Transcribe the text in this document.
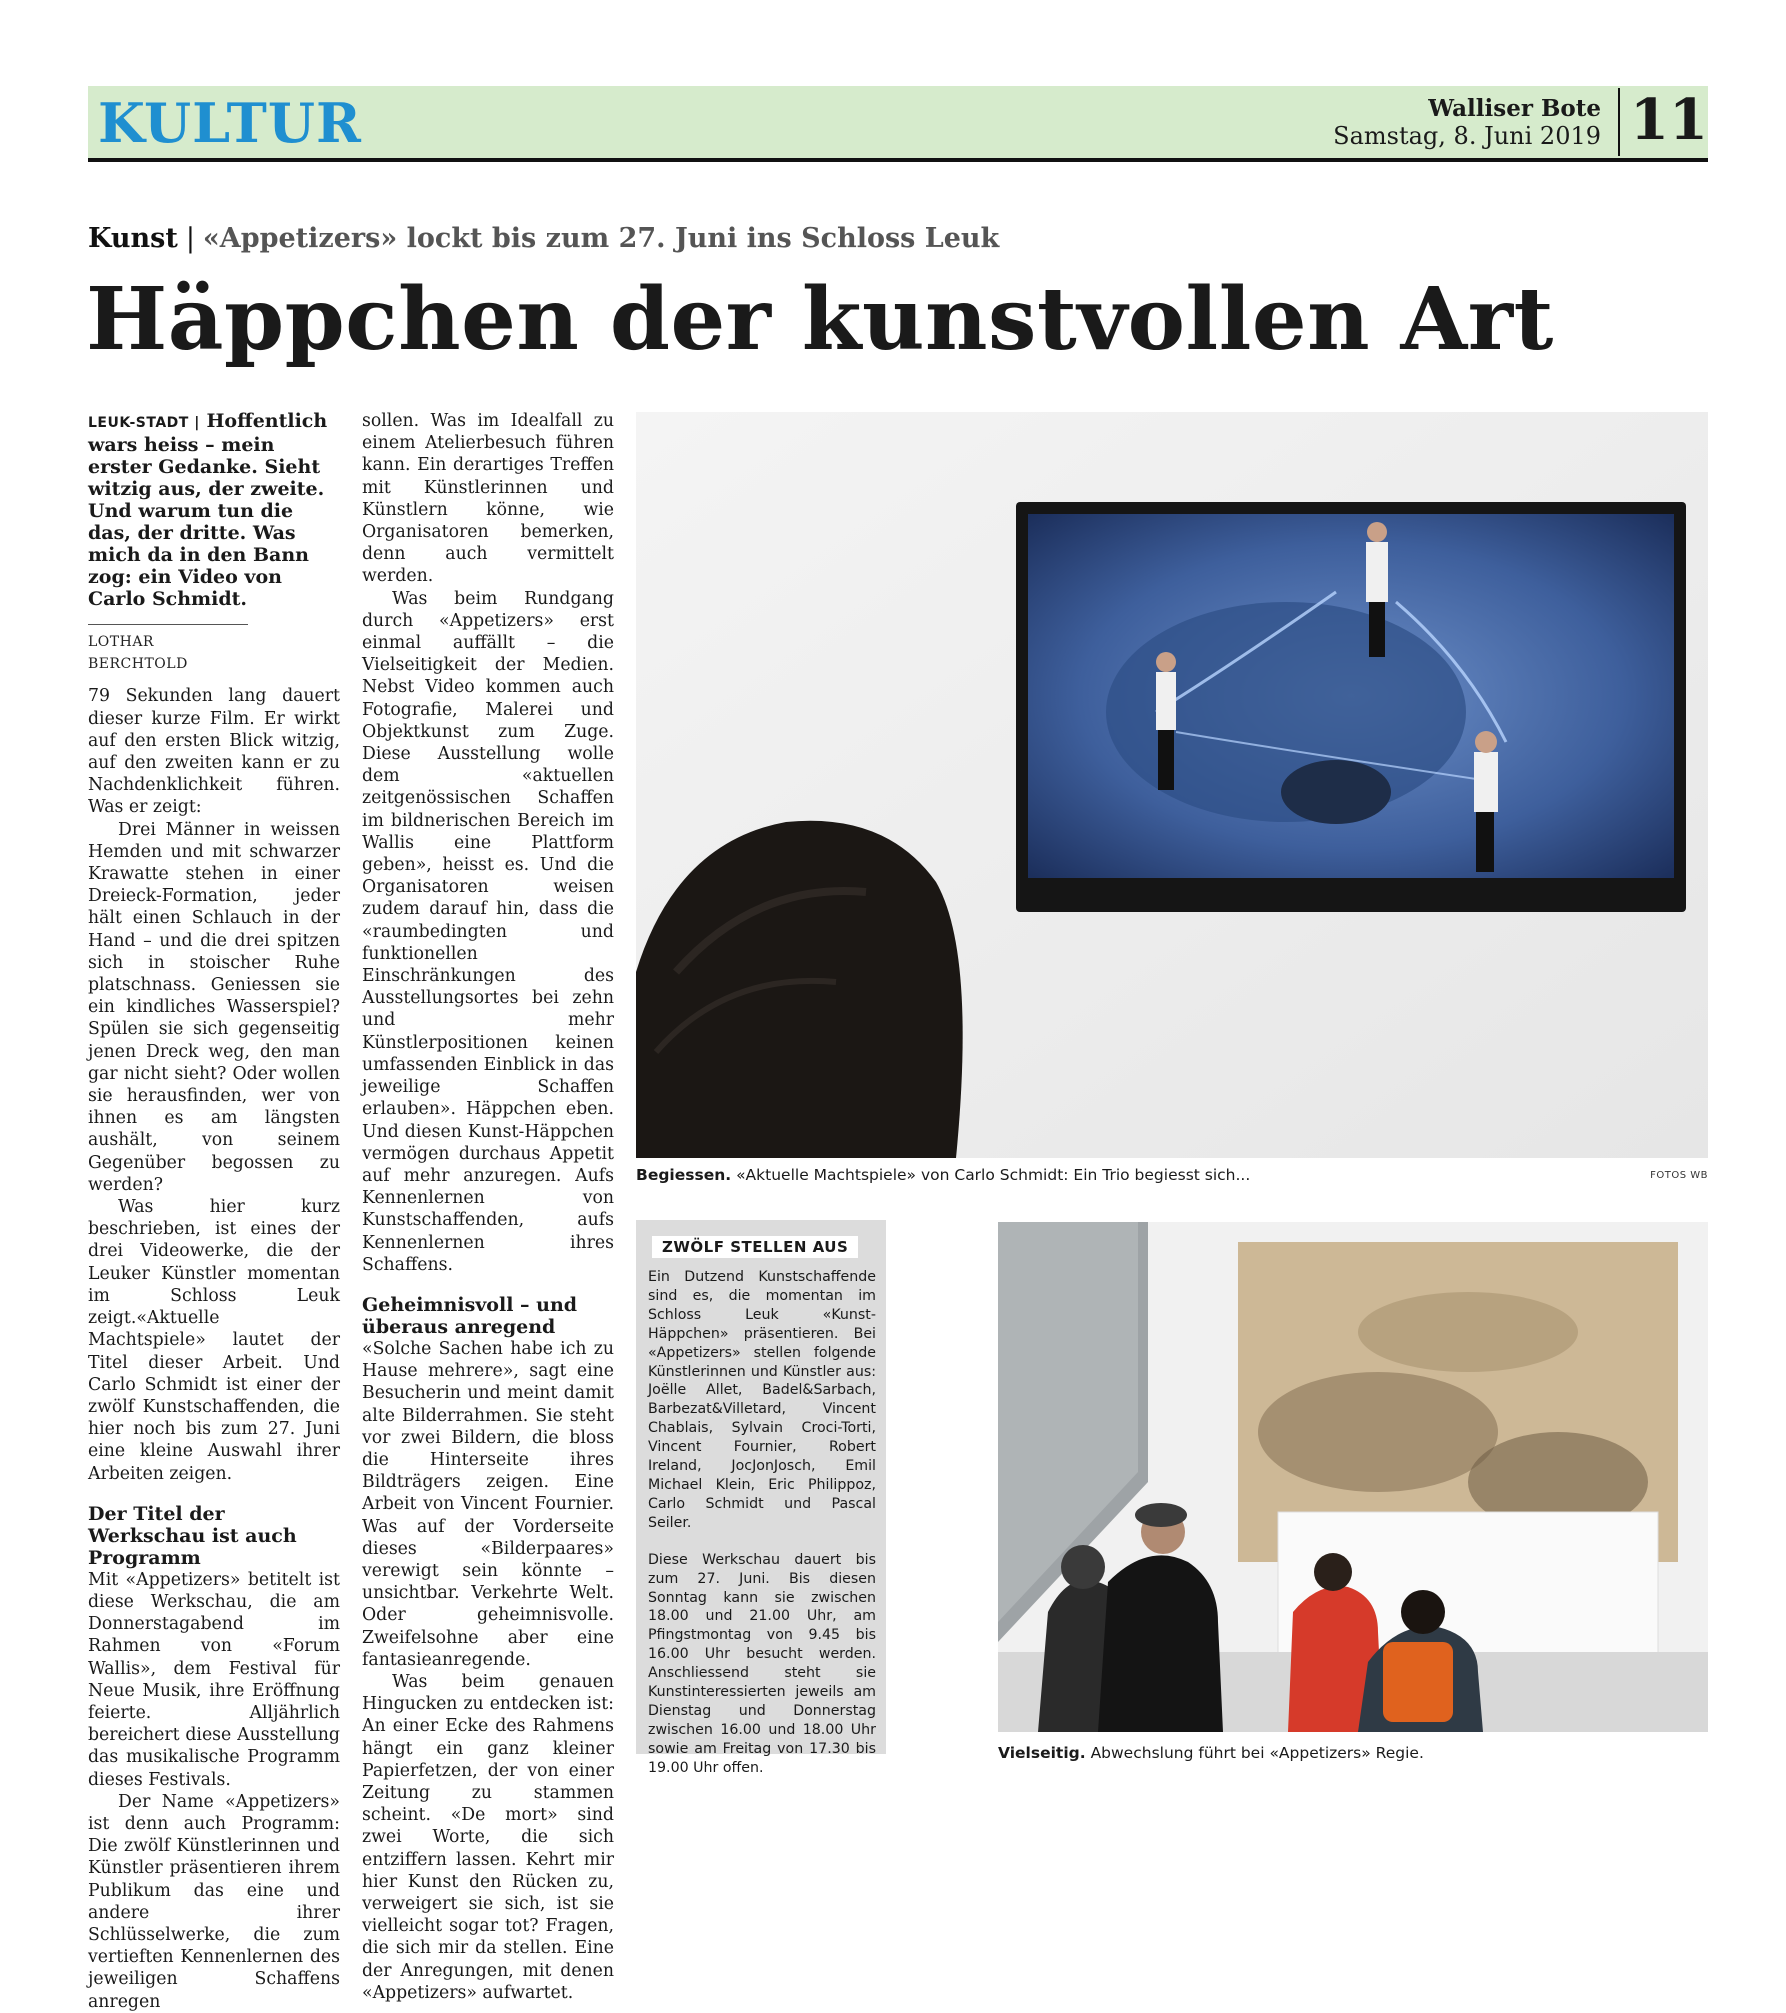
KULTUR	Walliser Bote
Samstag, 8. Juni 2019 11
Kunst | «Appetizers» lockt bis zum 27. Juni ins Schloss Leuk
Häppchen der kunstvollen Art

LEUK-STADT | Hoffentlich wars heiss – mein erster Gedanke. Sieht witzig aus, der zweite. Und warum tun die das, der dritte. Was mich da in den Bann zog: ein Video von Carlo Schmidt.

LOTHAR BERCHTOLD

79 Sekunden lang dauert dieser kurze Film. Er wirkt auf den ersten Blick witzig, auf den zweiten kann er zu Nachdenklichkeit führen. Was er zeigt:

Drei Männer in weissen Hemden und mit schwarzer Krawatte stehen in einer Dreieck-Formation, jeder hält einen Schlauch in der Hand – und die drei spitzen sich in stoischer Ruhe platschnass. Geniessen sie ein kindliches Wasserspiel? Spülen sie sich gegenseitig jenen Dreck weg, den man gar nicht sieht? Oder wollen sie herausfinden, wer von ihnen es am längsten aushält, von seinem Gegenüber begossen zu werden?

Was hier kurz beschrieben, ist eines der drei Videowerke, die der Leuker Künstler momentan im Schloss Leuk zeigt.«Aktuelle Machtspiele» lautet der Titel dieser Arbeit. Und Carlo Schmidt ist einer der zwölf Kunstschaffenden, die hier noch bis zum 27. Juni eine kleine Auswahl ihrer Arbeiten zeigen.

Der Titel der Werkschau ist auch Programm

Mit «Appetizers» betitelt ist diese Werkschau, die am Donnerstagabend im Rahmen von «Forum Wallis», dem Festival für Neue Musik, ihre Eröffnung feierte. Alljährlich bereichert diese Ausstellung das musikalische Programm dieses Festivals.

Der Name «Appetizers» ist denn auch Programm: Die zwölf Künstlerinnen und Künstler präsentieren ihrem Publikum das eine und andere ihrer Schlüsselwerke, die zum vertieften Kennenlernen des jeweiligen Schaffens anregen

sollen. Was im Idealfall zu einem Atelierbesuch führen kann. Ein derartiges Treffen mit Künstlerinnen und Künstlern könne, wie Organisatoren bemerken, denn auch vermittelt werden.

Was beim Rundgang durch «Appetizers» erst einmal auffällt – die Vielseitigkeit der Medien. Nebst Video kommen auch Fotografie, Malerei und Objektkunst zum Zuge. Diese Ausstellung wolle dem «aktuellen zeitgenössischen Schaffen im bildnerischen Bereich im Wallis eine Plattform geben», heisst es. Und die Organisatoren weisen zudem darauf hin, dass die «raumbedingten und funktionellen Einschränkungen des Ausstellungsortes bei zehn und mehr Künstlerpositionen keinen umfassenden Einblick in das jeweilige Schaffen erlauben». Häppchen eben. Und diesen Kunst-Häppchen vermögen durchaus Appetit auf mehr anzuregen. Aufs Kennenlernen von Kunstschaffenden, aufs Kennenlernen ihres Schaffens.

Geheimnisvoll – und überaus anregend

«Solche Sachen habe ich zu Hause mehrere», sagt eine Besucherin und meint damit alte Bilderrahmen. Sie steht vor zwei Bildern, die bloss die Hinterseite ihres Bildträgers zeigen. Eine Arbeit von Vincent Fournier. Was auf der Vorderseite dieses «Bilderpaares» verewigt sein könnte – unsichtbar. Verkehrte Welt. Oder geheimnisvolle. Zweifelsohne aber eine fantasieanregende.

Was beim genauen Hingucken zu entdecken ist: An einer Ecke des Rahmens hängt ein ganz kleiner Papierfetzen, der von einer Zeitung zu stammen scheint. «De mort» sind zwei Worte, die sich entziffern lassen. Kehrt mir hier Kunst den Rücken zu, verweigert sie sich, ist sie vielleicht sogar tot? Fragen, die sich mir da stellen. Eine der Anregungen, mit denen «Appetizers» aufwartet.

Begiessen. «Aktuelle Machtspiele» von Carlo Schmidt: Ein Trio begiesst sich...	FOTOS WB
ZWÖLF STELLEN AUS

Ein Dutzend Kunstschaffende sind es, die momentan im Schloss Leuk «Kunst-Häppchen» präsentieren. Bei «Appetizers» stellen folgende Künstlerinnen und Künstler aus: Joëlle Allet, Badel&Sarbach, Barbezat&Villetard, Vincent Chablais, Sylvain Croci-Torti, Vincent Fournier, Robert Ireland, JocJonJosch, Emil Michael Klein, Eric Philippoz, Carlo Schmidt und Pascal Seiler.

Diese Werkschau dauert bis zum 27. Juni. Bis diesen Sonntag kann sie zwischen 18.00 und 21.00 Uhr, am Pfingstmontag von 9.45 bis 16.00 Uhr besucht werden. Anschliessend steht sie Kunstinteressierten jeweils am Dienstag und Donnerstag zwischen 16.00 und 18.00 Uhr sowie am Freitag von 17.30 bis 19.00 Uhr offen.

Vielseitig. Abwechslung führt bei «Appetizers» Regie.
